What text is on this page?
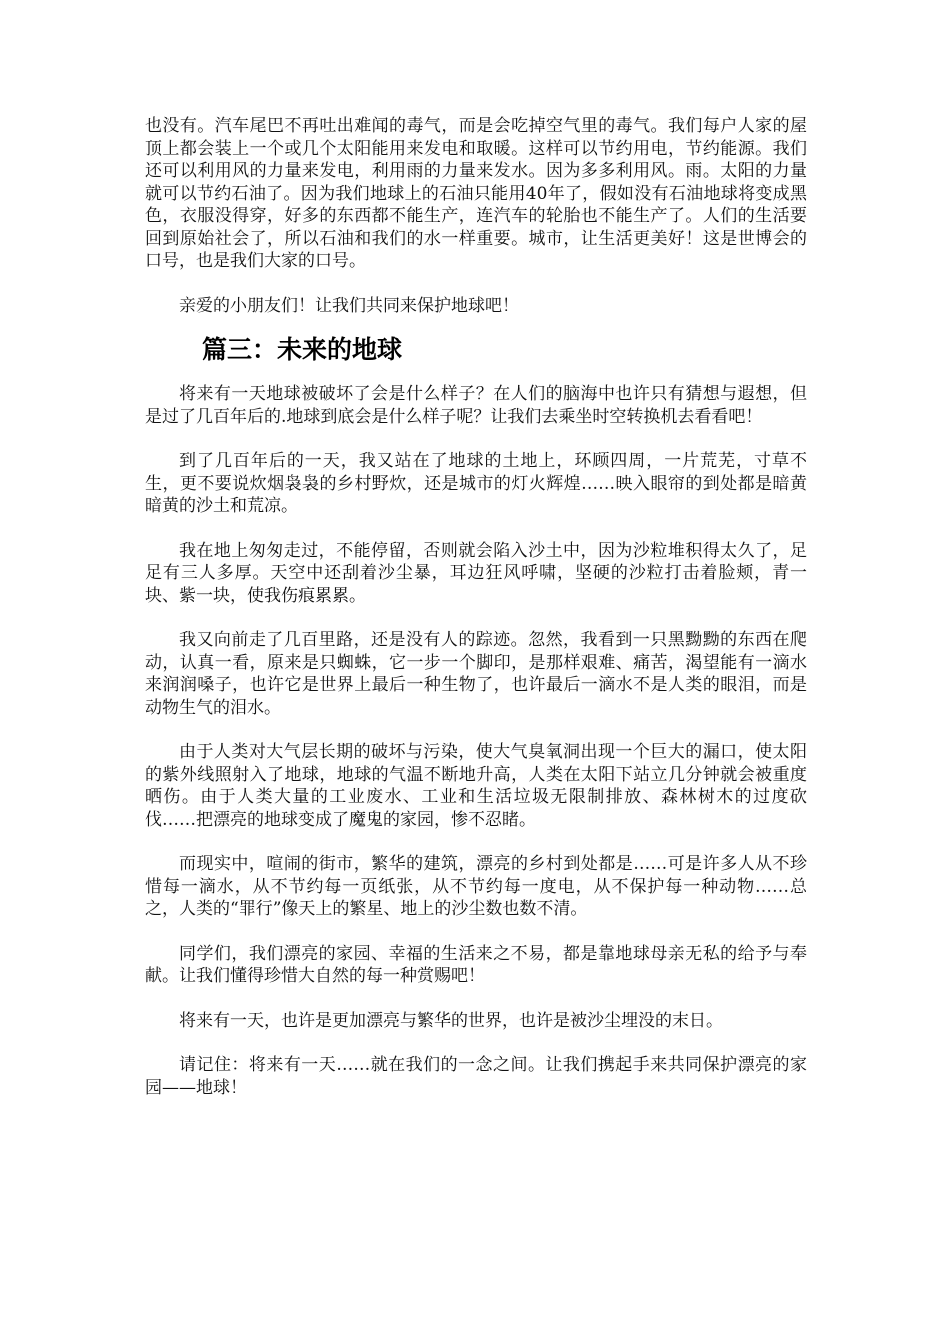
也没有。汽车尾巴不再吐出难闻的毒气，而是会吃掉空气里的毒气。我们每户人家的屋顶上都会装上一个或几个太阳能用来发电和取暖。这样可以节约用电，节约能源。我们还可以利用风的力量来发电，利用雨的力量来发水。因为多多利用风。雨。太阳的力量就可以节约石油了。因为我们地球上的石油只能用40年了，假如没有石油地球将变成黑色，衣服没得穿，好多的东西都不能生产，连汽车的轮胎也不能生产了。人们的生活要回到原始社会了，所以石油和我们的水一样重要。城市，让生活更美好！这是世博会的口号，也是我们大家的口号。

亲爱的小朋友们！让我们共同来保护地球吧！

篇三：未来的地球

将来有一天地球被破坏了会是什么样子？在人们的脑海中也许只有猜想与遐想，但是过了几百年后的.地球到底会是什么样子呢？让我们去乘坐时空转换机去看看吧！

到了几百年后的一天，我又站在了地球的土地上，环顾四周，一片荒芜，寸草不生，更不要说炊烟袅袅的乡村野炊，还是城市的灯火辉煌……映入眼帘的到处都是暗黄暗黄的沙土和荒凉。

我在地上匆匆走过，不能停留，否则就会陷入沙土中，因为沙粒堆积得太久了，足足有三人多厚。天空中还刮着沙尘暴，耳边狂风呼啸，坚硬的沙粒打击着脸颊，青一块、紫一块，使我伤痕累累。

我又向前走了几百里路，还是没有人的踪迹。忽然，我看到一只黑黝黝的东西在爬动，认真一看，原来是只蜘蛛，它一步一个脚印，是那样艰难、痛苦，渴望能有一滴水来润润嗓子，也许它是世界上最后一种生物了，也许最后一滴水不是人类的眼泪，而是动物生气的泪水。

由于人类对大气层长期的破坏与污染，使大气臭氧洞出现一个巨大的漏口，使太阳的紫外线照射入了地球，地球的气温不断地升高，人类在太阳下站立几分钟就会被重度晒伤。由于人类大量的工业废水、工业和生活垃圾无限制排放、森林树木的过度砍伐……把漂亮的地球变成了魔鬼的家园，惨不忍睹。

而现实中，喧闹的街市，繁华的建筑，漂亮的乡村到处都是……可是许多人从不珍惜每一滴水，从不节约每一页纸张，从不节约每一度电，从不保护每一种动物……总之，人类的“罪行”像天上的繁星、地上的沙尘数也数不清。

同学们，我们漂亮的家园、幸福的生活来之不易，都是靠地球母亲无私的给予与奉献。让我们懂得珍惜大自然的每一种赏赐吧！

将来有一天，也许是更加漂亮与繁华的世界，也许是被沙尘埋没的末日。

请记住：将来有一天……就在我们的一念之间。让我们携起手来共同保护漂亮的家园——地球！
